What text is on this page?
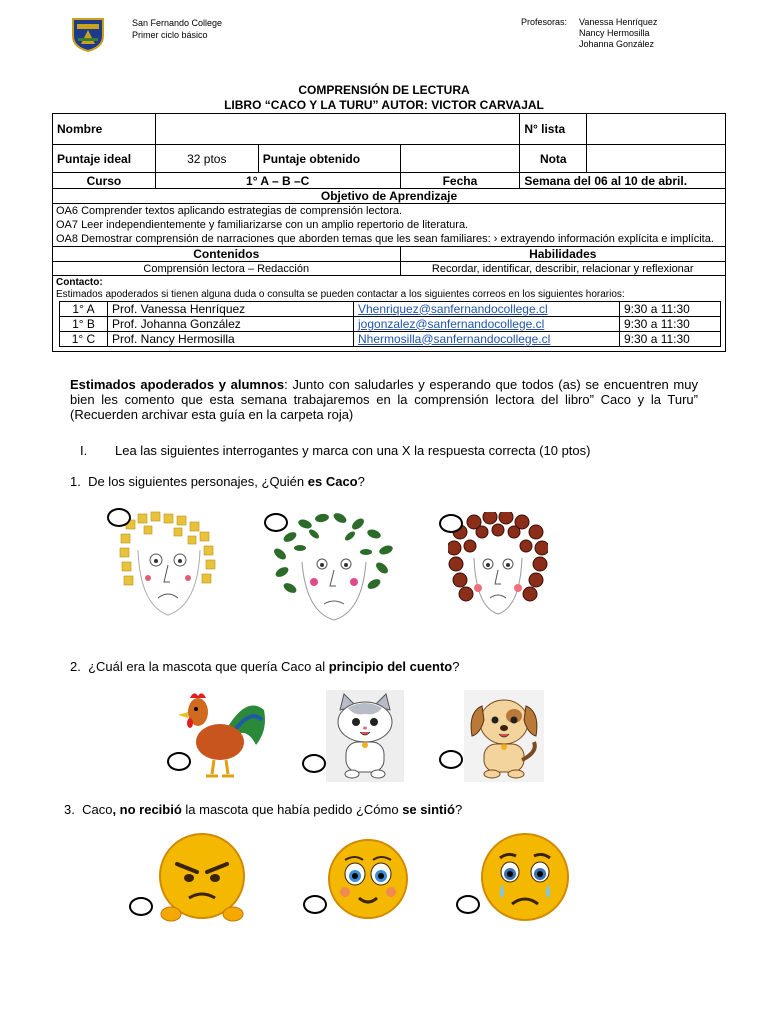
San Fernando College
Primer ciclo básico
Profesoras:	Vanessa Henríquez
Nancy Hermosilla
Johanna González
COMPRENSIÓN DE LECTURA
LIBRO “CACO Y LA TURU” AUTOR: VICTOR CARVAJAL
Nombre		N° lista	
Puntaje ideal	32 ptos	Puntaje obtenido		Nota	
Curso	1° A – B –C	Fecha	Semana del 06 al 10 de abril.
Objetivo de Aprendizaje

OA6 Comprender textos aplicando estrategias de comprensión lectora.
OA7 Leer independientemente y familiarizarse con un amplio repertorio de literatura.
OA8 Demostrar comprensión de narraciones que aborden temas que les sean familiares: › extrayendo información explícita e implícita.

Contenidos	Habilidades
Comprensión lectora – Redacción	Recordar, identificar, describir, relacionar y reflexionar

Contacto:
Estimados apoderados si tienen alguna duda o consulta se pueden contactar a los siguientes correos en los siguientes horarios:
1° A	Prof. Vanessa Henríquez	Vhenriquez@sanfernandocollege.cl	9:30 a 11:30
1° B	Prof. Johanna González	jogonzalez@sanfernandocollege.cl	9:30 a 11:30
1° C	Prof. Nancy Hermosilla	Nhermosilla@sanfernandocollege.cl	9:30 a 11:30
Estimados apoderados y alumnos: Junto con saludarles y esperando que todos (as) se encuentren muy bien les comento que esta semana trabajaremos en la comprensión lectora del libro” Caco y la Turu” (Recuerden archivar esta guía en la carpeta roja)
I. Lea las siguientes interrogantes y marca con una X la respuesta correcta (10 ptos)
1. De los siguientes personajes, ¿Quién es Caco?
2. ¿Cuál era la mascota que quería Caco al principio del cuento?
3. Caco, no recibió la mascota que había pedido ¿Cómo se sintió?
